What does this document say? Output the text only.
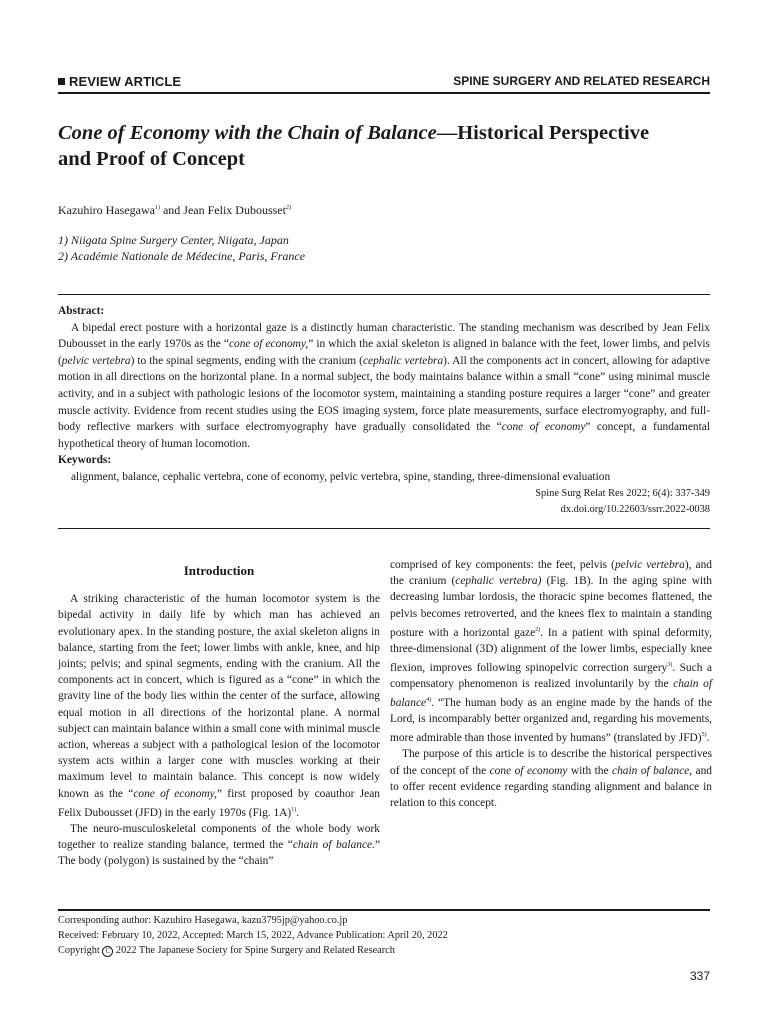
REVIEW ARTICLE	SPINE SURGERY AND RELATED RESEARCH
Cone of Economy with the Chain of Balance—Historical Perspective
and Proof of Concept
Kazuhiro Hasegawa$^{1)}$ and Jean Felix Dubousset$^{2)}$
1) Niigata Spine Surgery Center, Niigata, Japan
2) Académie Nationale de Médecine, Paris, France
Abstract:

A bipedal erect posture with a horizontal gaze is a distinctly human characteristic. The standing mechanism was described by Jean Felix Dubousset in the early 1970s as the “cone of economy,” in which the axial skeleton is aligned in balance with the feet, lower limbs, and pelvis (pelvic vertebra) to the spinal segments, ending with the cranium (cephalic vertebra). All the components act in concert, allowing for adaptive motion in all directions on the horizontal plane. In a normal subject, the body maintains balance within a small “cone” using minimal muscle activity, and in a subject with pathologic lesions of the locomotor system, maintaining a standing posture requires a larger “cone” and greater muscle activity. Evidence from recent studies using the EOS imaging system, force plate measurements, surface electromyography, and full-body reflective markers with surface electromyography have gradually consolidated the “cone of economy” concept, a fundamental hypothetical theory of human locomotion.

Keywords:
alignment, balance, cephalic vertebra, cone of economy, pelvic vertebra, spine, standing, three-dimensional evaluation
Spine Surg Relat Res 2022; 6(4): 337-349
dx.doi.org/10.22603/ssrr.2022-0038
Introduction

A striking characteristic of the human locomotor system is the bipedal activity in daily life by which man has achieved an evolutionary apex. In the standing posture, the axial skeleton aligns in balance, starting from the feet; lower limbs with ankle, knee, and hip joints; pelvis; and spinal segments, ending with the cranium. All the components act in concert, which is figured as a “cone” in which the gravity line of the body lies within the center of the surface, allowing equal motion in all directions of the horizontal plane. A normal subject can maintain balance within a small cone with minimal muscle action, whereas a subject with a pathological lesion of the locomotor system acts within a larger cone with muscles working at their maximum level to maintain balance. This concept is now widely known as the “cone of economy,” first proposed by coauthor Jean Felix Dubousset (JFD) in the early 1970s (Fig. 1A)$^{1)}$.

The neuro-musculoskeletal components of the whole body work together to realize standing balance, termed the “chain of balance.” The body (polygon) is sustained by the “chain”

comprised of key components: the feet, pelvis (pelvic vertebra), and the cranium (cephalic vertebra) (Fig. 1B). In the aging spine with decreasing lumbar lordosis, the thoracic spine becomes flattened, the pelvis becomes retroverted, and the knees flex to maintain a standing posture with a horizontal gaze$^{2)}$. In a patient with spinal deformity, three-dimensional (3D) alignment of the lower limbs, especially knee flexion, improves following spinopelvic correction surgery$^{3)}$. Such a compensatory phenomenon is realized involuntarily by the chain of balance$^{4)}$. “The human body as an engine made by the hands of the Lord, is incomparably better organized and, regarding his movements, more admirable than those invented by humans” (translated by JFD)$^{5)}$.

The purpose of this article is to describe the historical perspectives of the concept of the cone of economy with the chain of balance, and to offer recent evidence regarding standing alignment and balance in relation to this concept.

Corresponding author: Kazuhiro Hasegawa, kazu3795jp@yahoo.co.jp
Received: February 10, 2022, Accepted: March 15, 2022, Advance Publication: April 20, 2022
Copyright C 2022 The Japanese Society for Spine Surgery and Related Research
337
